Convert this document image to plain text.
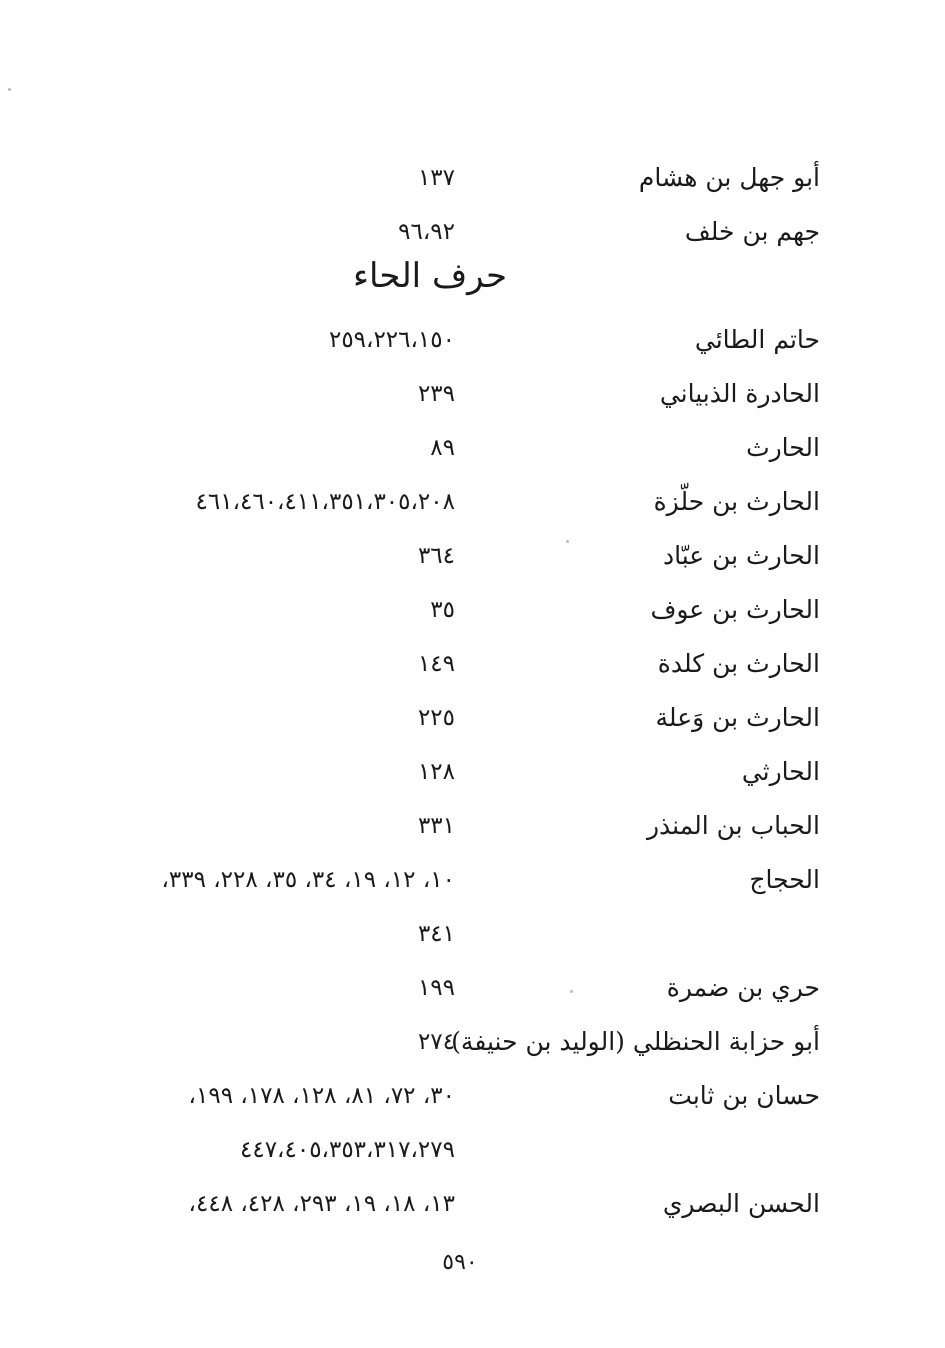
أبو جهل بن هشام
١٣٧
جهم بن خلف
٩٦،٩٢
حرف الحاء
حاتم الطائي
٢٥٩،٢٢٦،١٥٠
الحادرة الذبياني
٢٣٩
الحارث
٨٩
الحارث بن حلّزة
٤٦١،٤٦٠،٤١١،٣٥١،٣٠٥،٢٠٨
الحارث بن عبّاد
٣٦٤
الحارث بن عوف
٣٥
الحارث بن كلدة
١٤٩
الحارث بن وَعلة
٢٢٥
الحارثي
١٢٨
الحباب بن المنذر
٣٣١
الحجاج
١٠، ١٢، ١٩، ٣٤، ٣٥، ٢٢٨، ٣٣٩،
٣٤١
حري بن ضمرة
١٩٩
أبو حزابة الحنظلي (الوليد بن حنيفة)
٢٧٤
حسان بن ثابت
٣٠، ٧٢، ٨١، ١٢٨، ١٧٨، ١٩٩،
٤٤٧،٤٠٥،٣٥٣،٣١٧،٢٧٩
الحسن البصري
١٣، ١٨، ١٩، ٢٩٣، ٤٢٨، ٤٤٨،
٥٩٠
